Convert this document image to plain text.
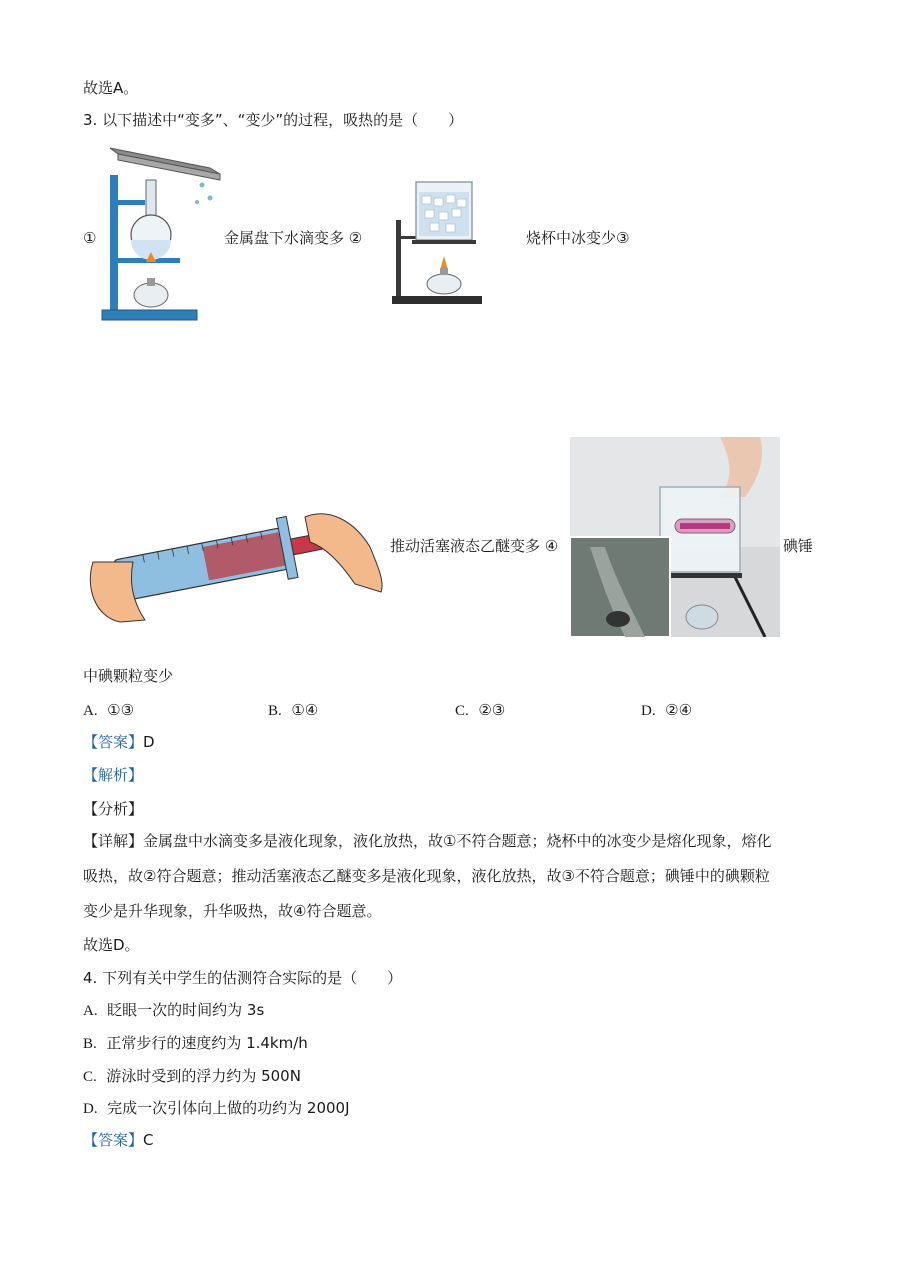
故选A。
3. 以下描述中“变多”、“变少”的过程，吸热的是（　　）
①	金属盘下水滴变多 ②	烧杯中冰变少③
推动活塞液态乙醚变多 ④	碘锤
中碘颗粒变少
A. ①③	B. ①④	C. ②③	D. ②④
【答案】D
【解析】
【分析】
【详解】金属盘中水滴变多是液化现象，液化放热，故①不符合题意；烧杯中的冰变少是熔化现象，熔化
吸热，故②符合题意；推动活塞液态乙醚变多是液化现象，液化放热，故③不符合题意；碘锤中的碘颗粒
变少是升华现象，升华吸热，故④符合题意。
故选D。
4. 下列有关中学生的估测符合实际的是（　　）
A. 眨眼一次的时间约为 3s
B. 正常步行的速度约为 1.4km/h
C. 游泳时受到的浮力约为 500N
D. 完成一次引体向上做的功约为 2000J
【答案】C
